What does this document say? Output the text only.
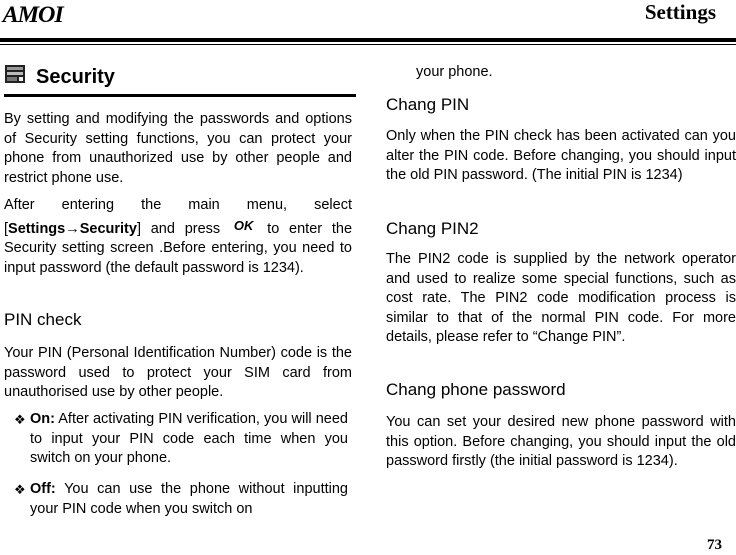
AMOI	Settings
Security

By setting and modifying the passwords and options of Security setting functions, you can protect your phone from unauthorized use by other people and restrict phone use.

After entering the main menu, select [Settings→Security] and press OK to enter the Security setting screen .Before entering, you need to input password (the default password is 1234).

PIN check

Your PIN (Personal Identification Number) code is the password used to protect your SIM card from unauthorised use by other people.

❖ On: After activating PIN verification, you will need to input your PIN code each time when you switch on your phone.

❖ Off: You can use the phone without inputting your PIN code when you switch on

your phone.

Chang PIN

Only when the PIN check has been activated can you alter the PIN code. Before changing, you should input the old PIN password. (The initial PIN is 1234)

Chang PIN2

The PIN2 code is supplied by the network operator and used to realize some special functions, such as cost rate. The PIN2 code modification process is similar to that of the normal PIN code. For more details, please refer to “Change PIN”.

Chang phone password

You can set your desired new phone password with this option. Before changing, you should input the old password firstly (the initial password is 1234).

73
